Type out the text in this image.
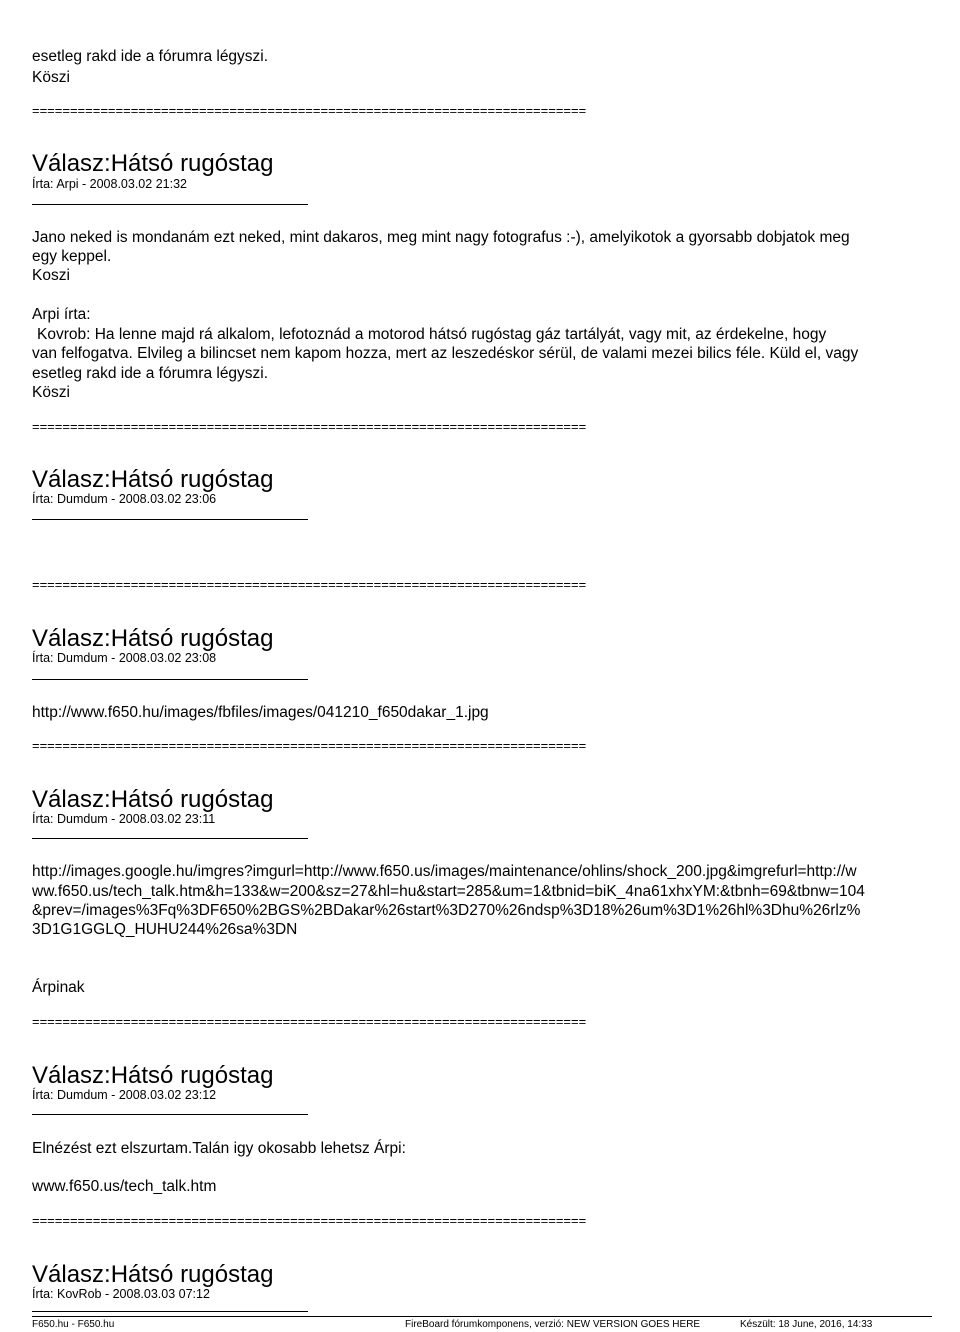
esetleg rakd ide a fórumra légyszi.
Köszi
=========================================================================
Válasz:Hátsó rugóstag
Írta: Arpi - 2008.03.02 21:32
Jano neked is mondanám ezt neked, mint dakaros, meg mint nagy fotografus :-), amelyikotok a gyorsabb dobjatok meg
egy keppel.
Koszi
Arpi írta:
Kovrob: Ha lenne majd rá alkalom, lefotoznád a motorod hátsó rugóstag gáz tartályát, vagy mit, az érdekelne, hogy
van felfogatva. Elvileg a bilincset nem kapom hozza, mert az leszedéskor sérül, de valami mezei bilics féle. Küld el, vagy
esetleg rakd ide a fórumra légyszi.
Köszi
=========================================================================
Válasz:Hátsó rugóstag
Írta: Dumdum - 2008.03.02 23:06
=========================================================================
Válasz:Hátsó rugóstag
Írta: Dumdum - 2008.03.02 23:08
http://www.f650.hu/images/fbfiles/images/041210_f650dakar_1.jpg
=========================================================================
Válasz:Hátsó rugóstag
Írta: Dumdum - 2008.03.02 23:11
http://images.google.hu/imgres?imgurl=http://www.f650.us/images/maintenance/ohlins/shock_200.jpg&imgrefurl=http://w
ww.f650.us/tech_talk.htm&h=133&w=200&sz=27&hl=hu&start=285&um=1&tbnid=biK_4na61xhxYM:&tbnh=69&tbnw=104
&prev=/images%3Fq%3DF650%2BGS%2BDakar%26start%3D270%26ndsp%3D18%26um%3D1%26hl%3Dhu%26rlz%
3D1G1GGLQ_HUHU244%26sa%3DN
Árpinak
=========================================================================
Válasz:Hátsó rugóstag
Írta: Dumdum - 2008.03.02 23:12
Elnézést ezt elszurtam.Talán igy okosabb lehetsz Árpi:
www.f650.us/tech_talk.htm
=========================================================================
Válasz:Hátsó rugóstag
Írta: KovRob - 2008.03.03 07:12
F650.hu - F650.hu	FireBoard fórumkomponens, verzió: NEW VERSION GOES HERE	Készült: 18 June, 2016, 14:33
